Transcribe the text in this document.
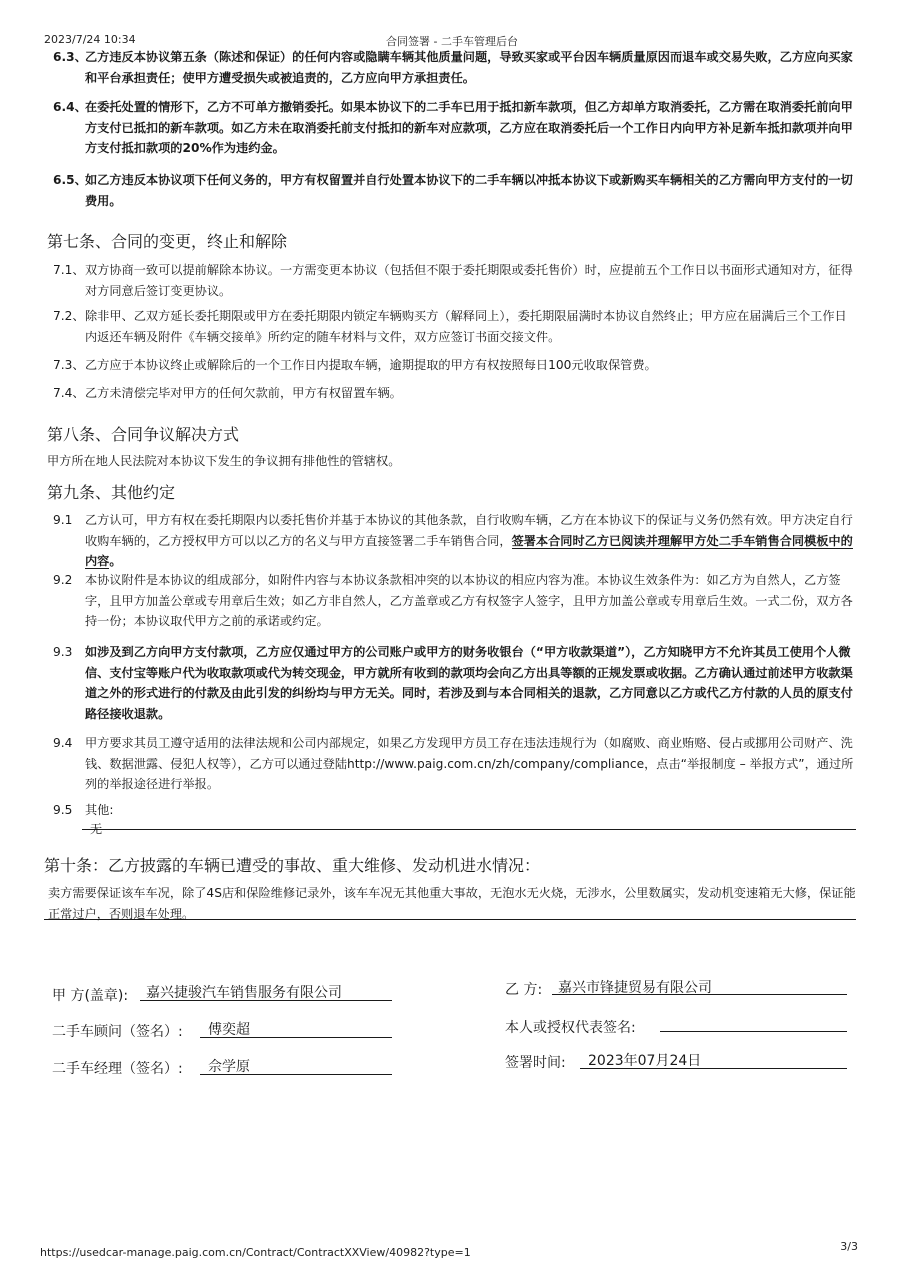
2023/7/24 10:34	合同签署 - 二手车管理后台
6.3、
乙方违反本协议第五条（陈述和保证）的任何内容或隐瞒车辆其他质量问题，导致买家或平台因车辆质量原因而退车或交易失败，乙方应向买家和平台承担责任；使甲方遭受损失或被追责的，乙方应向甲方承担责任。
6.4、
在委托处置的情形下，乙方不可单方撤销委托。如果本协议下的二手车已用于抵扣新车款项，但乙方却单方取消委托，乙方需在取消委托前向甲方支付已抵扣的新车款项。如乙方未在取消委托前支付抵扣的新车对应款项，乙方应在取消委托后一个工作日内向甲方补足新车抵扣款项并向甲方支付抵扣款项的20%作为违约金。
6.5、
如乙方违反本协议项下任何义务的，甲方有权留置并自行处置本协议下的二手车辆以冲抵本协议下或新购买车辆相关的乙方需向甲方支付的一切费用。
第七条、合同的变更，终止和解除
7.1、 双方协商一致可以提前解除本协议。一方需变更本协议（包括但不限于委托期限或委托售价）时，应提前五个工作日以书面形式通知对方，征得对方同意后签订变更协议。
7.2、 除非甲、乙双方延长委托期限或甲方在委托期限内锁定车辆购买方（解释同上），委托期限届满时本协议自然终止；甲方应在届满后三个工作日内返还车辆及附件《车辆交接单》所约定的随车材料与文件，双方应签订书面交接文件。
7.3、 乙方应于本协议终止或解除后的一个工作日内提取车辆，逾期提取的甲方有权按照每日100元收取保管费。
7.4、 乙方未清偿完毕对甲方的任何欠款前，甲方有权留置车辆。
第八条、合同争议解决方式
甲方所在地人民法院对本协议下发生的争议拥有排他性的管辖权。
第九条、其他约定
9.1 乙方认可，甲方有权在委托期限内以委托售价并基于本协议的其他条款，自行收购车辆，乙方在本协议下的保证与义务仍然有效。甲方决定自行收购车辆的，乙方授权甲方可以以乙方的名义与甲方直接签署二手车销售合同，签署本合同时乙方已阅读并理解甲方处二手车销售合同模板中的内容。
9.2 本协议附件是本协议的组成部分，如附件内容与本协议条款相冲突的以本协议的相应内容为准。本协议生效条件为：如乙方为自然人，乙方签字，且甲方加盖公章或专用章后生效；如乙方非自然人，乙方盖章或乙方有权签字人签字，且甲方加盖公章或专用章后生效。一式二份，双方各持一份；本协议取代甲方之前的承诺或约定。
9.3 如涉及到乙方向甲方支付款项，乙方应仅通过甲方的公司账户或甲方的财务收银台（“甲方收款渠道”），乙方知晓甲方不允许其员工使用个人微信、支付宝等账户代为收取款项或代为转交现金，甲方就所有收到的款项均会向乙方出具等额的正规发票或收据。乙方确认通过前述甲方收款渠道之外的形式进行的付款及由此引发的纠纷均与甲方无关。同时，若涉及到与本合同相关的退款，乙方同意以乙方或代乙方付款的人员的原支付路径接收退款。
9.4 甲方要求其员工遵守适用的法律法规和公司内部规定，如果乙方发现甲方员工存在违法违规行为（如腐败、商业贿赂、侵占或挪用公司财产、洗钱、数据泄露、侵犯人权等），乙方可以通过登陆http://www.paig.com.cn/zh/company/compliance，点击“举报制度 – 举报方式”，通过所列的举报途径进行举报。
9.5 其他:
无
第十条：乙方披露的车辆已遭受的事故、重大维修、发动机进水情况：
卖方需要保证该车车况，除了4S店和保险维修记录外，该车车况无其他重大事故，无泡水无火烧，无涉水，公里数属实，发动机变速箱无大修，保证能正常过户，否则退车处理。
甲 方(盖章): 嘉兴捷骏汽车销售服务有限公司
二手车顾问（签名）: 傅奕超
二手车经理（签名）: 佘学原
乙 方: 嘉兴市锋捷贸易有限公司
本人或授权代表签名:
签署时间: 2023年07月24日
https://usedcar-manage.paig.com.cn/Contract/ContractXXView/40982?type=1	3/3
